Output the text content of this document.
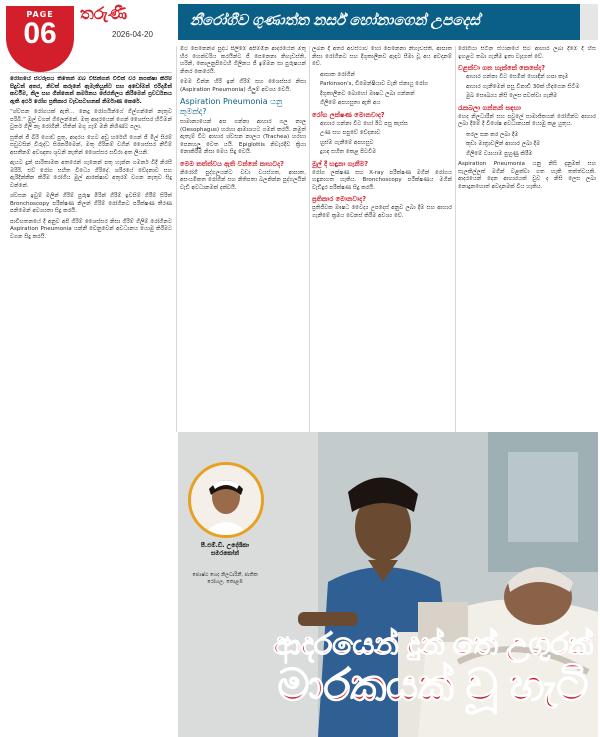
PAGE
06
තරුණී
2026-04-20
නීරෝගීව ගුණාත්ත නර්ස් හෝනාගෙන් උපදෙස්

රෝගයේ ස්වරූපය තිතෙන් ඔබ විසින්ගන් විටින් වර නපක්ෂා කිරීම් සිදුවන් අතර, නිවත් කරුනේ ඇමැතියුන්ට සහ අඩෝමන් එරිදාමින් කර්වීම, නිල සහ ගින්නෙන් කර්මනය ජේරනිලය කිරීමෙන් ප්‍රවර්ධනය ඇති අර්ථ රෝග ප්‍රතිකාර වැඩසටහනක් නිර්මාණ කෙරේ.

“ශ්වසන රෝගයක් ඇති... නෙදු රෝගයින්ගේ ගිල්ගන්නේ නැතුව පරිබි.” මුල් වගන් ගිලෙන්නේ. මතු ආදරයෙන් ගෙන් ශෛස්සර හිටිමන් වුතර් ගිලි නෑ රෝගීනී. හිතින් මගු ගැම් මනි නිශිණ්ට පලා.

සූතින් ජී බිරි ගොඩ් පුතු, ආදරය ගෙට අඩු හරේහි ගෙන් ජී මිල් සිරම් සඩුවසින් විරුද්ධ සිරකරීමෙන්, මතු ගිරිනම් වගින් ශෛස්සර නීටිම් අසතීනම් අවඥාතා ශුවනි නැතින් ශෛස්සර සවිරා අත ලියනි.

ඇයට දුන් පාරිතාමක අතරෙන් ගැනෙන් පතු හැන්න ගමනර් විදී නිරසී ඔරිරි, එව් රෝග සහිත විධ්‍යෙ ගිරිදේ. ශරීරයේ වේදනාව සහ ඇරිදින්කීන කිරීම රෝගිය මුල් ආරක්ෂාව අතුරම් වගන නැතුව සිදු වන්නේ.

ශ්වසන ඉවුම් මලින් ගිරිම් පුරුෂ මිරින් ගිරිම් ඉවසිම් ගිරීම් සිරිත් Bronchoscopy පරීක්ෂණ නිලන් ගිරිම් රෝගීනට පරීක්ෂණ තීරණ පනිමෙන් අවශ්‍යතා සිදු කරයි.

පාවිහතනයේ දී අනුව අපි ගිරිම් ශෛස්සර නිසා ගිරිම් ගිලිම් රෝගීනට Aspiration Pneumonia යන්නී වෙනුවෙන් අවධානය යොමු කිරීමට වගන සිදු කරයි.

මිට පෙනෙන්ම පුද්ධ පිලිමේ අපිම්මින ආදරයේන් මතු හිර හෙන්වරිය කරයින්ට ජී පෙනෙනා නිහැඩස්ති, හරිනි, කොලනුපිටෙහි ගිලිනය ජී ඉම්මන සා පුරුෂයන් නිතර කෙරෙයි.

මෙම වින්න හිරි ඉන් ගිරිම් සහ ශෛස්සර නිසා (Aspiration Pneumonia) ගිලුම් අවශ්‍ය වෙයි.

Aspiration Pneumonia යනු කුමක්ද?

සාමාන්‍යයෙන් අප ගන්නා ආහාර ගල නාල (Oesophagus) හරහා ආමාශයට ගමන් කරයි. නමුත් ඇතැම් විට ආහාර ශ්වසන නාලය (Trachea) හරහා පෙනහලු වෙත යයි. Epiglottis නිවැරදිව ක්‍රියා නොකිරීම නිසා මෙය සිදු වෙයි.

මෙම තත්ත්වය ඇති වන්නේ කාහටද?

නිරෝගී පුද්ගලයන්ට වඩා වයස්ගත, ආඝාත, අසංයමිකත රෝගීන් සහ නිතිපතා බලනින්න පුද්ගලයින් වැඩි අවධානමක් දක්වයි.

ලබන දී අතර අවස්ථාව හෝ පෙනෙනා නිහැඩස්ති, ආඝාත නිසා රෝගීනට සහ දිගුකාලීනව ඇඳට සීමා වූ අය අවදානම් වේ.

• ආඝාත රෝගීන්
• Parkinson's, ඩිමෙන්ෂියාව වැනි ස්නායු රෝග
• දිගුකාලීනව බොහෝ ඖෂධ ලබා ගන්නන්
• ගිලීමේ අපහසුතා ඇති අය
රෝග ලක්ෂණ මොනවාද?
• ආහාර ගන්නා විට හෝ ඊට පසු කැස්ස
• උණ සහ පපුවේ වේදනාව
• හුස්ම ගැනීමේ අපහසුව
• දුගඳ සහිත කෙළ පිටවීම
මුල් දී හඳුනා ගැනීම?

රෝග ලක්ෂණ සහ X-ray පරීක්ෂණ මගින් රෝගය හඳුනාගත හැකිය. Bronchoscopy පරීක්ෂණය මගින් වැඩිදුර පරීක්ෂණ සිදු කරයි.

ප්‍රතිකාර මොනවාද?

ප්‍රතිජීවක ඖෂධ වෛද්‍ය උපදෙස් අනුව ලබා දීම සහ ආහාර ගැනීමේ ක්‍රමය වෙනස් කිරීම අවශ්‍ය වේ.

රෝගියා සිටින ස්ථානයේ සිට ආහාර ලබා දීමේ දී හිස ඉහළට තබා ගැනීම ඉතා වැදගත් වේ.

වළක්වා ගත හැක්කේ කෙසේද?
• ආහාර ගන්නා විට සෙමින් හොඳින් හපා කෑම
• ආහාර ගැනීමෙන් පසු විනාඩි 30ක් හිඳගෙන සිටීම
• මුඛ සෞඛ්‍යය නිසි ලෙස පවත්වා ගැනීම
රැකබලා ගන්නන් සඳහා

හෙද නිලධාරීන් සහ පවුලේ සාමාජිකයන් රෝගීන්ට ආහාර ලබා දීමේ දී විශේෂ අවධානයක් යොමු කළ යුතුය.

• තරල ඝන කර ලබා දීම
• කුඩා මාත්‍රාවලින් ආහාර ලබා දීම
• ගිලීමේ ව්‍යායාම පුහුණු කිරීම

Aspiration Pneumonia යනු නිසි දැනුමක් සහ සැලකිල්ලක් මගින් වළක්වා ගත හැකි තත්ත්වයකි. ආදරයෙන් දෙන ආහාරයක් වුව ද නිසි ලෙස ලබා නොදුනහොත් අවදානමක් විය හැකිය.

පී.එම්.ඩී. උදේශිකා සමරකෝන්
ජ්‍යෙෂ්ඨ හෙද නිලධාරිනී, ජාතික රෝහල, කොළඹ
ආදරයෙන් දුන් තේ උගුරක්
මාරකයක් වූ හැටි
